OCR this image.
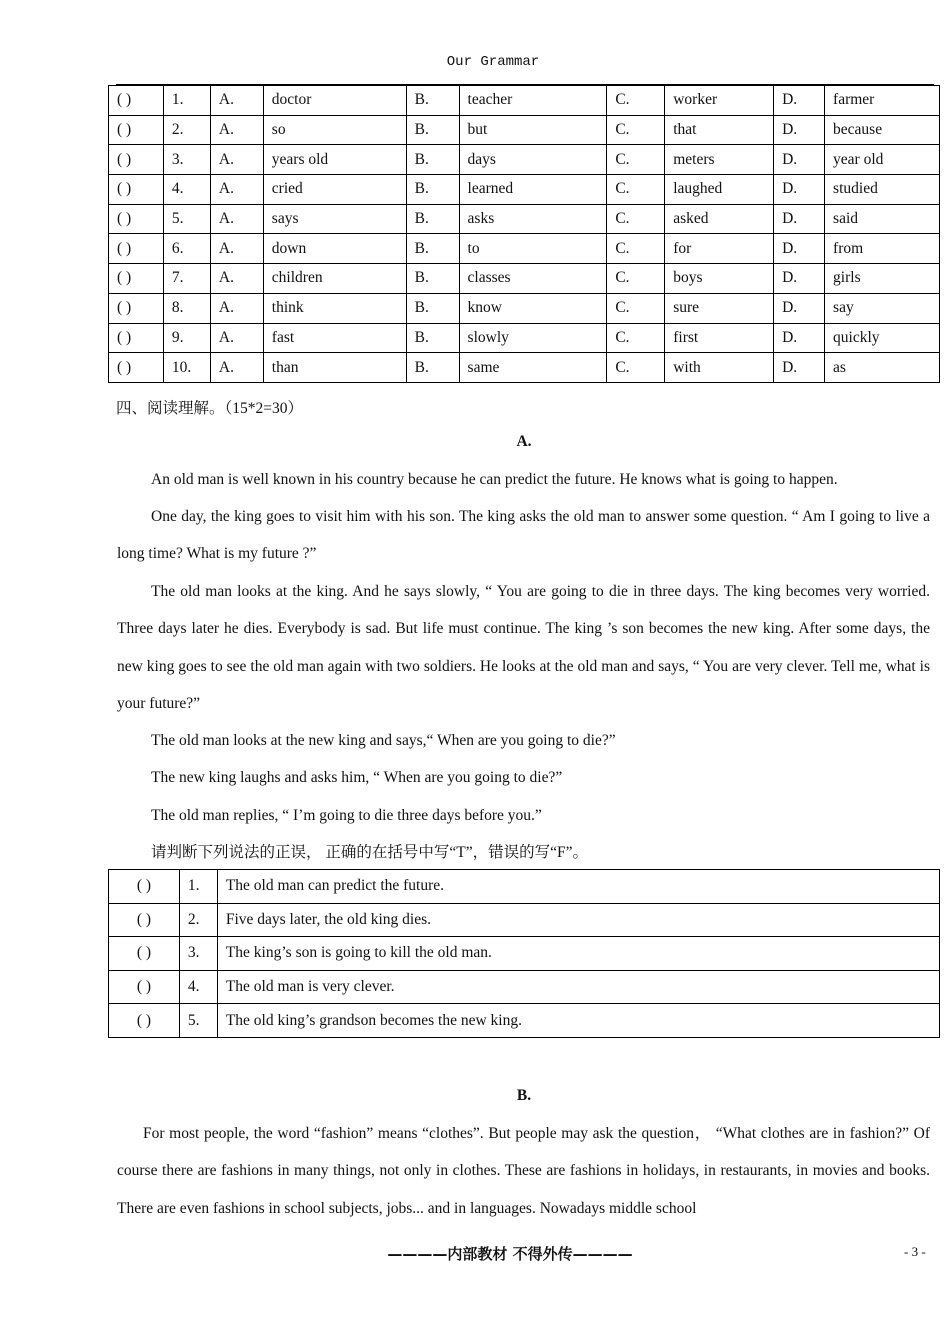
Our Grammar
( )	1.	A.	doctor	B.	teacher	C.	worker	D.	farmer
( )	2.	A.	so	B.	but	C.	that	D.	because
( )	3.	A.	years old	B.	days	C.	meters	D.	year old
( )	4.	A.	cried	B.	learned	C.	laughed	D.	studied
( )	5.	A.	says	B.	asks	C.	asked	D.	said
( )	6.	A.	down	B.	to	C.	for	D.	from
( )	7.	A.	children	B.	classes	C.	boys	D.	girls
( )	8.	A.	think	B.	know	C.	sure	D.	say
( )	9.	A.	fast	B.	slowly	C.	first	D.	quickly
( )	10.	A.	than	B.	same	C.	with	D.	as
四、阅读理解。（15*2=30）
A.
An old man is well known in his country because he can predict the future. He knows what is going to happen.
One day, the king goes to visit him with his son. The king asks the old man to answer some question. “ Am I going to live a long time? What is my future ?”
The old man looks at the king. And he says slowly, “ You are going to die in three days. The king becomes very worried. Three days later he dies. Everybody is sad. But life must continue. The king ’s son becomes the new king. After some days, the new king goes to see the old man again with two soldiers. He looks at the old man and says, “ You are very clever. Tell me, what is your future?”
The old man looks at the new king and says,“ When are you going to die?”
The new king laughs and asks him, “ When are you going to die?”
The old man replies, “ I’m going to die three days before you.”
请判断下列说法的正误， 正确的在括号中写“T”，错误的写“F”。
( )	1.	The old man can predict the future.
( )	2.	Five days later, the old king dies.
( )	3.	The king’s son is going to kill the old man.
( )	4.	The old man is very clever.
( )	5.	The old king’s grandson becomes the new king.
B.
For most people, the word “fashion” means “clothes”. But people may ask the question， “What clothes are in fashion?” Of course there are fashions in many things, not only in clothes. These are fashions in holidays, in restaurants, in movies and books. There are even fashions in school subjects, jobs... and in languages. Nowadays middle school
————内部教材 不得外传————	- 3 -
